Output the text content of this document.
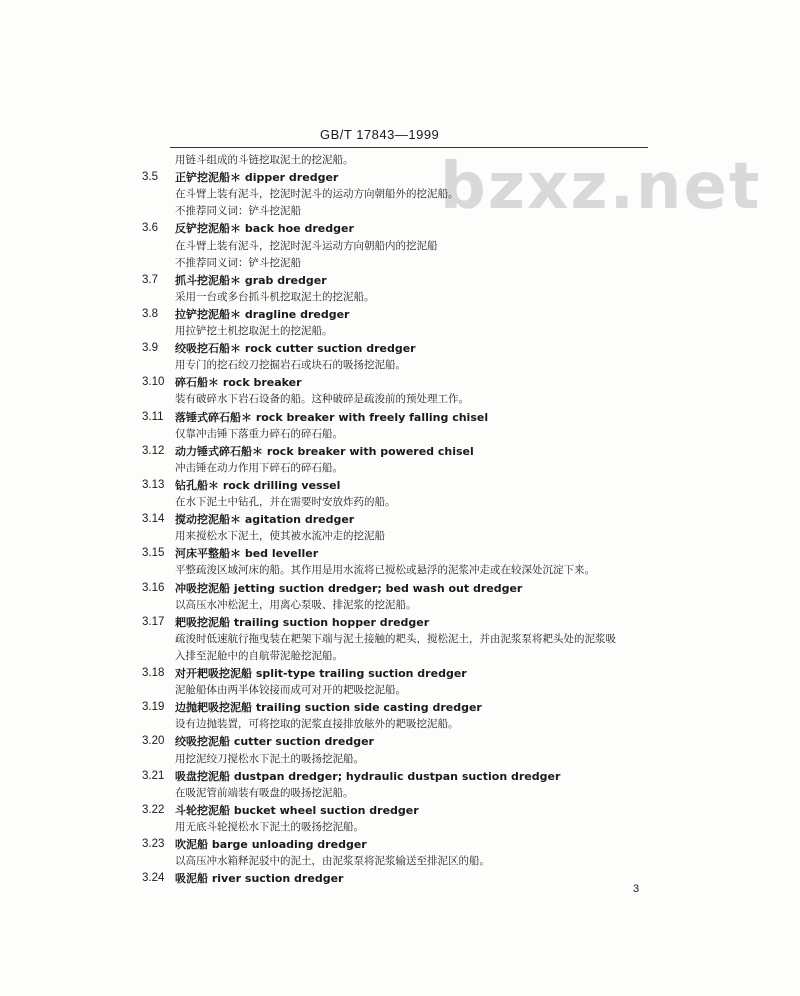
bzxz.net
GB/T 17843—1999
用链斗组成的斗链挖取泥土的挖泥船。
3.5 正铲挖泥船＊ dipper dredger
在斗臂上装有泥斗，挖泥时泥斗的运动方向朝船外的挖泥船。
不推荐同义词：铲斗挖泥船
3.6 反铲挖泥船＊ back hoe dredger
在斗臂上装有泥斗，挖泥时泥斗运动方向朝船内的挖泥船
不推荐同义词：铲斗挖泥船
3.7 抓斗挖泥船＊ grab dredger
采用一台或多台抓斗机挖取泥土的挖泥船。
3.8 拉铲挖泥船＊ dragline dredger
用拉铲挖土机挖取泥土的挖泥船。
3.9 绞吸挖石船＊ rock cutter suction dredger
用专门的挖石绞刀挖掘岩石或块石的吸扬挖泥船。
3.10 碎石船＊ rock breaker
装有破碎水下岩石设备的船。这种破碎是疏浚前的预处理工作。
3.11 落锤式碎石船＊ rock breaker with freely falling chisel
仅靠冲击锤下落重力碎石的碎石船。
3.12 动力锤式碎石船＊ rock breaker with powered chisel
冲击锤在动力作用下碎石的碎石船。
3.13 钻孔船＊ rock drilling vessel
在水下泥土中钻孔，并在需要时安放炸药的船。
3.14 搅动挖泥船＊ agitation dredger
用来搅松水下泥土，使其被水流冲走的挖泥船
3.15 河床平整船＊ bed leveller
平整疏浚区域河床的船。其作用是用水流将已搅松或悬浮的泥浆冲走或在较深处沉淀下来。
3.16 冲吸挖泥船 jetting suction dredger; bed wash out dredger
以高压水冲松泥土，用离心泵吸、排泥浆的挖泥船。
3.17 耙吸挖泥船 trailing suction hopper dredger
疏浚时低速航行拖曳装在耙架下端与泥土接触的耙头，搅松泥土，并由泥浆泵将耙头处的泥浆吸
入排至泥舱中的自航带泥舱挖泥船。
3.18 对开耙吸挖泥船 split-type trailing suction dredger
泥舱船体由两半体铰接而成可对开的耙吸挖泥船。
3.19 边抛耙吸挖泥船 trailing suction side casting dredger
设有边抛装置，可将挖取的泥浆直接排放舷外的耙吸挖泥船。
3.20 绞吸挖泥船 cutter suction dredger
用挖泥绞刀搅松水下泥土的吸扬挖泥船。
3.21 吸盘挖泥船 dustpan dredger; hydraulic dustpan suction dredger
在吸泥管前端装有吸盘的吸扬挖泥船。
3.22 斗轮挖泥船 bucket wheel suction dredger
用无底斗轮搅松水下泥土的吸扬挖泥船。
3.23 吹泥船 barge unloading dredger
以高压冲水箱释泥驳中的泥土，由泥浆泵将泥浆输送至排泥区的船。
3.24 吸泥船 river suction dredger
3
